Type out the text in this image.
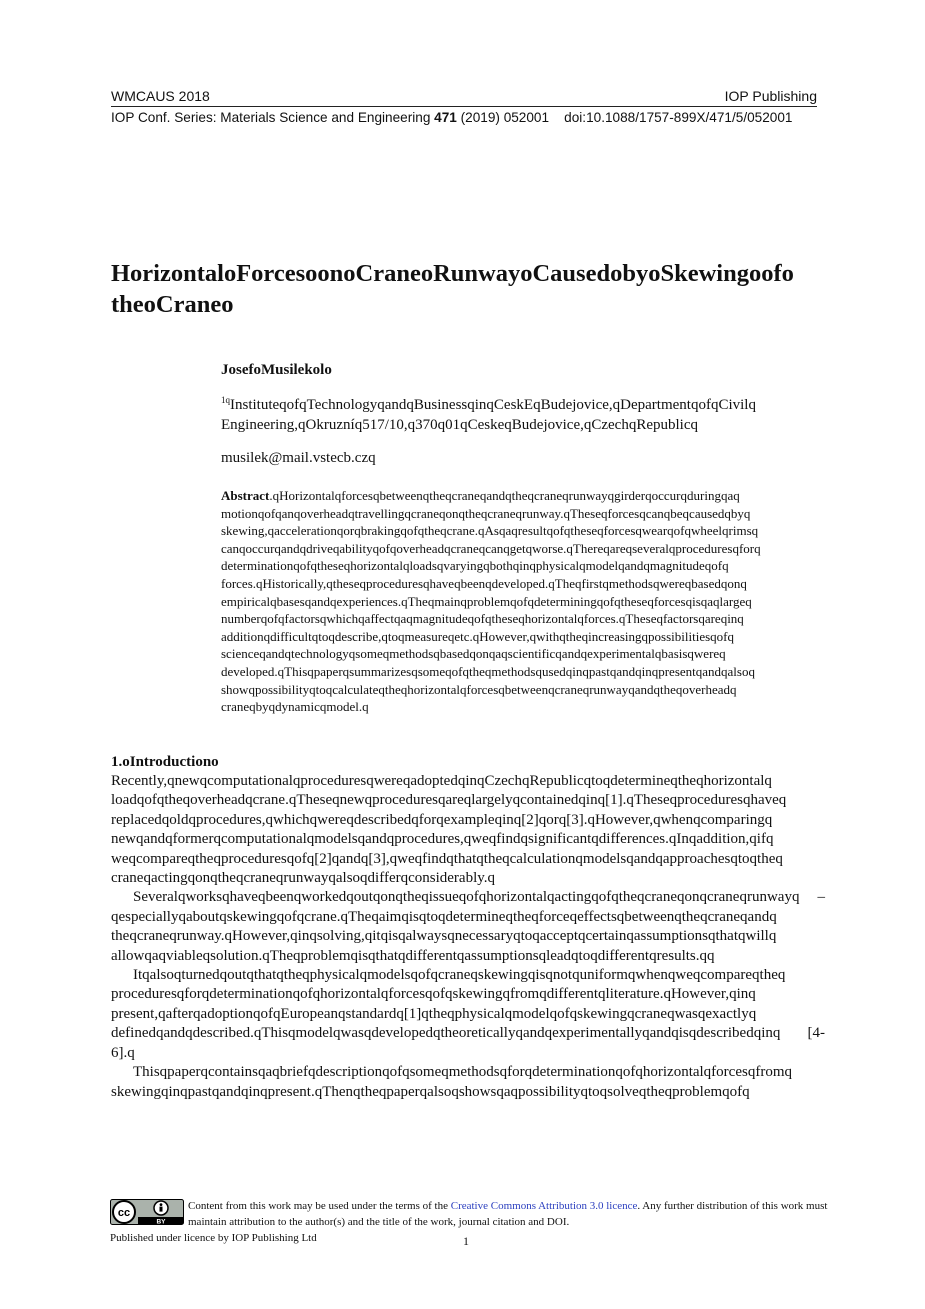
WMCAUS 2018	IOP Publishing
IOP Conf. Series: Materials Science and Engineering 471 (2019) 052001 doi:10.1088/1757-899X/471/5/052001
HorizontaloForcesoonoCraneoRunwayoCausedobyoSkewingoofo theoCraneo
JosefoMusilekolo
$^{1q}$InstituteqofqTechnologyqandqBusinessqinqCeskEqBudejovice,qDepartmentqofqCivilq Engineering,qOkruzníq517/10,q370q01qCeskeqBudejovice,qCzechqRepublicq
musilek@mail.vstecb.czq
Abstract.qHorizontalqforcesqbetweenqtheqcraneqandqtheqcraneqrunwayqgirderqoccurqduringqaq motionqofqanqoverheadqtravellingqcraneqonqtheqcraneqrunway.qTheseqforcesqcanqbeqcausedqbyq skewing,qaccelerationqorqbrakingqofqtheqcrane.qAsqaqresultqofqtheseqforcesqwearqofqwheelqrimsq canqoccurqandqdriveqabilityqofqoverheadqcraneqcanqgetqworse.qThereqareqseveralqproceduresqforq determinationqofqtheseqhorizontalqloadsqvaryingqbothqinqphysicalqmodelqandqmagnitudeqofq forces.qHistorically,qtheseqproceduresqhaveqbeenqdeveloped.qTheqfirstqmethodsqwereqbasedqonq empiricalqbasesqandqexperiences.qTheqmainqproblemqofqdeterminingqofqtheseqforcesqisqaqlargeq numberqofqfactorsqwhichqaffectqaqmagnitudeqofqtheseqhorizontalqforces.qTheseqfactorsqareqinq additionqdifficultqtoqdescribe,qtoqmeasureqetc.qHowever,qwithqtheqincreasingqpossibilitiesqofq scienceqandqtechnologyqsomeqmethodsqbasedqonqaqscientificqandqexperimentalqbasisqwereq developed.qThisqpaperqsummarizesqsomeqofqtheqmethodsqusedqinqpastqandqinqpresentqandqalsoq showqpossibilityqtoqcalculateqtheqhorizontalqforcesqbetweenqcraneqrunwayqandqtheqoverheadq craneqbyqdynamicqmodel.q
1.oIntroductiono

Recently,qnewqcomputationalqproceduresqwereqadoptedqinqCzechqRepublicqtoqdetermineqtheqhorizontalq loadqofqtheqoverheadqcrane.qTheseqnewqproceduresqareqlargelyqcontainedqinq[1].qTheseqproceduresqhaveq replacedqoldqprocedures,qwhichqwereqdescribedqforqexampleqinq[2]qorq[3].qHowever,qwhenqcomparingq newqandqformerqcomputationalqmodelsqandqprocedures,qweqfindqsignificantqdifferences.qInqaddition,qifq weqcompareqtheqproceduresqofq[2]qandq[3],qweqfindqthatqtheqcalculationqmodelsqandqapproachesqtoqtheq craneqactingqonqtheqcraneqrunwayqalsoqdifferqconsiderably.q

Severalqworksqhaveqbeenqworkedqoutqonqtheqissueqofqhorizontalqactingqofqtheqcraneqonqcraneqrunwayq –qespeciallyqaboutqskewingqofqcrane.qTheqaimqisqtoqdetermineqtheqforceqeffectsqbetweenqtheqcraneqandq theqcraneqrunway.qHowever,qinqsolving,qitqisqalwaysqnecessaryqtoqacceptqcertainqassumptionsqthatqwillq allowqaqviableqsolution.qTheqproblemqisqthatqdifferentqassumptionsqleadqtoqdifferentqresults.qq

Itqalsoqturnedqoutqthatqtheqphysicalqmodelsqofqcraneqskewingqisqnotquniformqwhenqweqcompareqtheq proceduresqforqdeterminationqofqhorizontalqforcesqofqskewingqfromqdifferentqliterature.qHowever,qinq present,qafterqadoptionqofqEuropeanqstandardq[1]qtheqphysicalqmodelqofqskewingqcraneqwasqexactlyq definedqandqdescribed.qThisqmodelqwasqdevelopedqtheoreticallyqandqexperimentallyqandqisqdescribedqinq [4-6].q

Thisqpaperqcontainsqaqbriefqdescriptionqofqsomeqmethodsqforqdeterminationqofqhorizontalqforcesqfromq skewingqinqpastqandqinqpresent.qThenqtheqpaperqalsoqshowsqaqpossibilityqtoqsolveqtheqproblemqofq

cc
BY
Content from this work may be used under the terms of the Creative Commons Attribution 3.0 licence. Any further distribution of this work must maintain attribution to the author(s) and the title of the work, journal citation and DOI.
Published under licence by IOP Publishing Ltd	1
